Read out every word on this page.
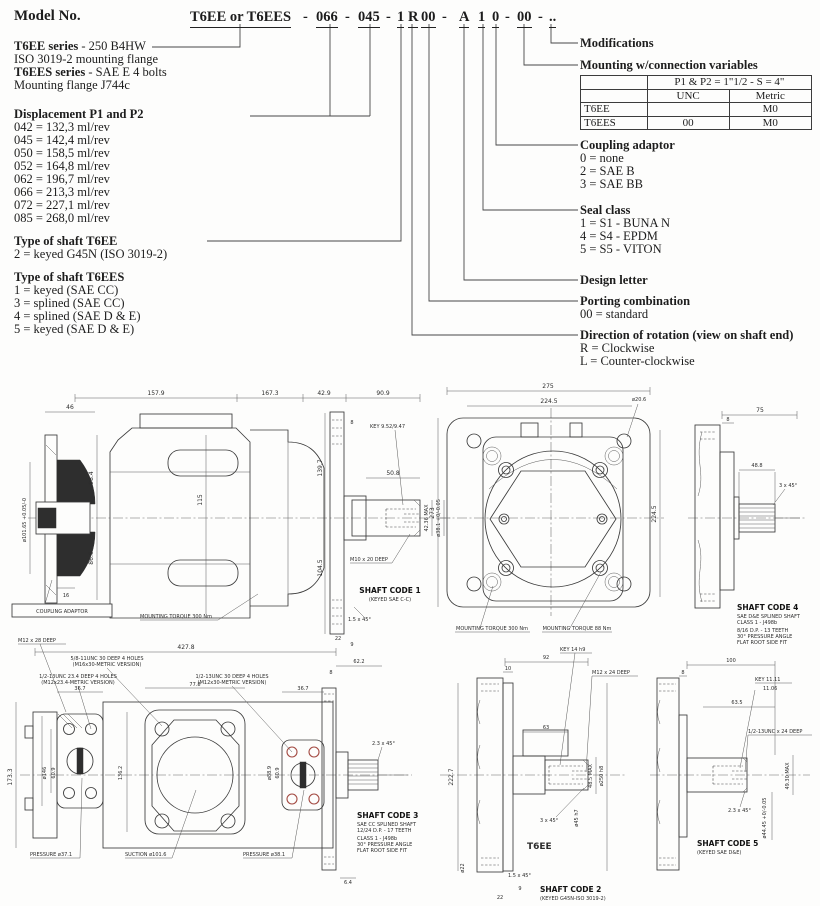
Model No.	T6EE or T6EES - 066 - 045 - 1 R 00 - A 1 0 - 00 - ..
T6EE series - 250 B4HW
ISO 3019-2 mounting flange
T6EES series - SAE E 4 bolts
Mounting flange J744c
Displacement P1 and P2
042 = 132,3 ml/rev
045 = 142,4 ml/rev
050 = 158,5 ml/rev
052 = 164,8 ml/rev
062 = 196,7 ml/rev
066 = 213,3 ml/rev
072 = 227,1 ml/rev
085 = 268,0 ml/rev
Type of shaft T6EE
2 = keyed G45N (ISO 3019-2)
Type of shaft T6EES
1 = keyed (SAE CC)
3 = splined (SAE CC)
4 = splined (SAE D & E)
5 = keyed (SAE D & E)
Modifications
Mounting w/connection variables
	P1 & P2 = 1"1/2 - S = 4"	
	UNC	Metric
T6EE		M0
T6EES	00	M0
Coupling adaptor
0 = none
2 = SAE B
3 = SAE BB
Seal class
1 = S1 - BUNA N
4 = S4 - EPDM
5 = S5 - VITON
Design letter
Porting combination
00 = standard
Direction of rotation (view on shaft end)
R = Clockwise
L = Counter-clockwise
46
157.9	167.3	42.9	90.9
8
ø101.65 +0.05/-0
98.4
86.6
115
139.7
104.5
16
50.8
KEY 9.52/9.47
42.36 MAX ø38.1 +0/-0.05
M10 x 20 DEEP
1.5 x 45°
22
9
MOUNTING TORQUE 300 Nm
COUPLING ADAPTOR
SHAFT CODE 1
(KEYED SAE C-C)
275
224.5
273	224.5
ø20.6
MOUNTING TORQUE 300 Nm	MOUNTING TORQUE 88 Nm
75
8
48.8
3 x 45°
SHAFT CODE 4
SAE D&E SPLINED SHAFT
CLASS 1 - J498b
8/16 D.P. - 13 TEETH
30° PRESSURE ANGLE
FLAT ROOT SIDE FIT
M12 x 28 DEEP
427.8
5/8-11UNC 30 DEEP 4 HOLES
(M16x30-METRIC VERSION)
1/2-13UNC 23.4 DEEP 4 HOLES
(M12x23.4-METRIC VERSION)
1/2-13UNC 30 DEEP 4 HOLES
(M12x30-METRIC VERSION)
62.2
8
36.7
77.8
36.7
2.3 x 45°
173.3	ø146 60.9	136.2	ø88.9 60.9
PRESSURE ø37.1	SUCTION ø101.6	PRESSURE ø38.1
6.4
SHAFT CODE 3
SAE CC SPLINED SHAFT
12/24 D.P. - 17 TEETH
CLASS 1 - J498b
30° PRESSURE ANGLE
FLAT ROOT SIDE FIT
92
10
KEY 14 h9
M12 x 24 DEEP
63
222.7	48.5 MAX ø250 h8
ø45 h7
3 x 45°
ø22
T6EE
1.5 x 45°
9
22
SHAFT CODE 2
(KEYED G45N-ISO 3019-2)
100
8
KEY 11.11
11.06
63.5
1/2-13UNC x 24 DEEP
49.30 MAX
2.3 x 45° ø44.45 +0/-0.05
SHAFT CODE 5
(KEYED SAE D&E)
